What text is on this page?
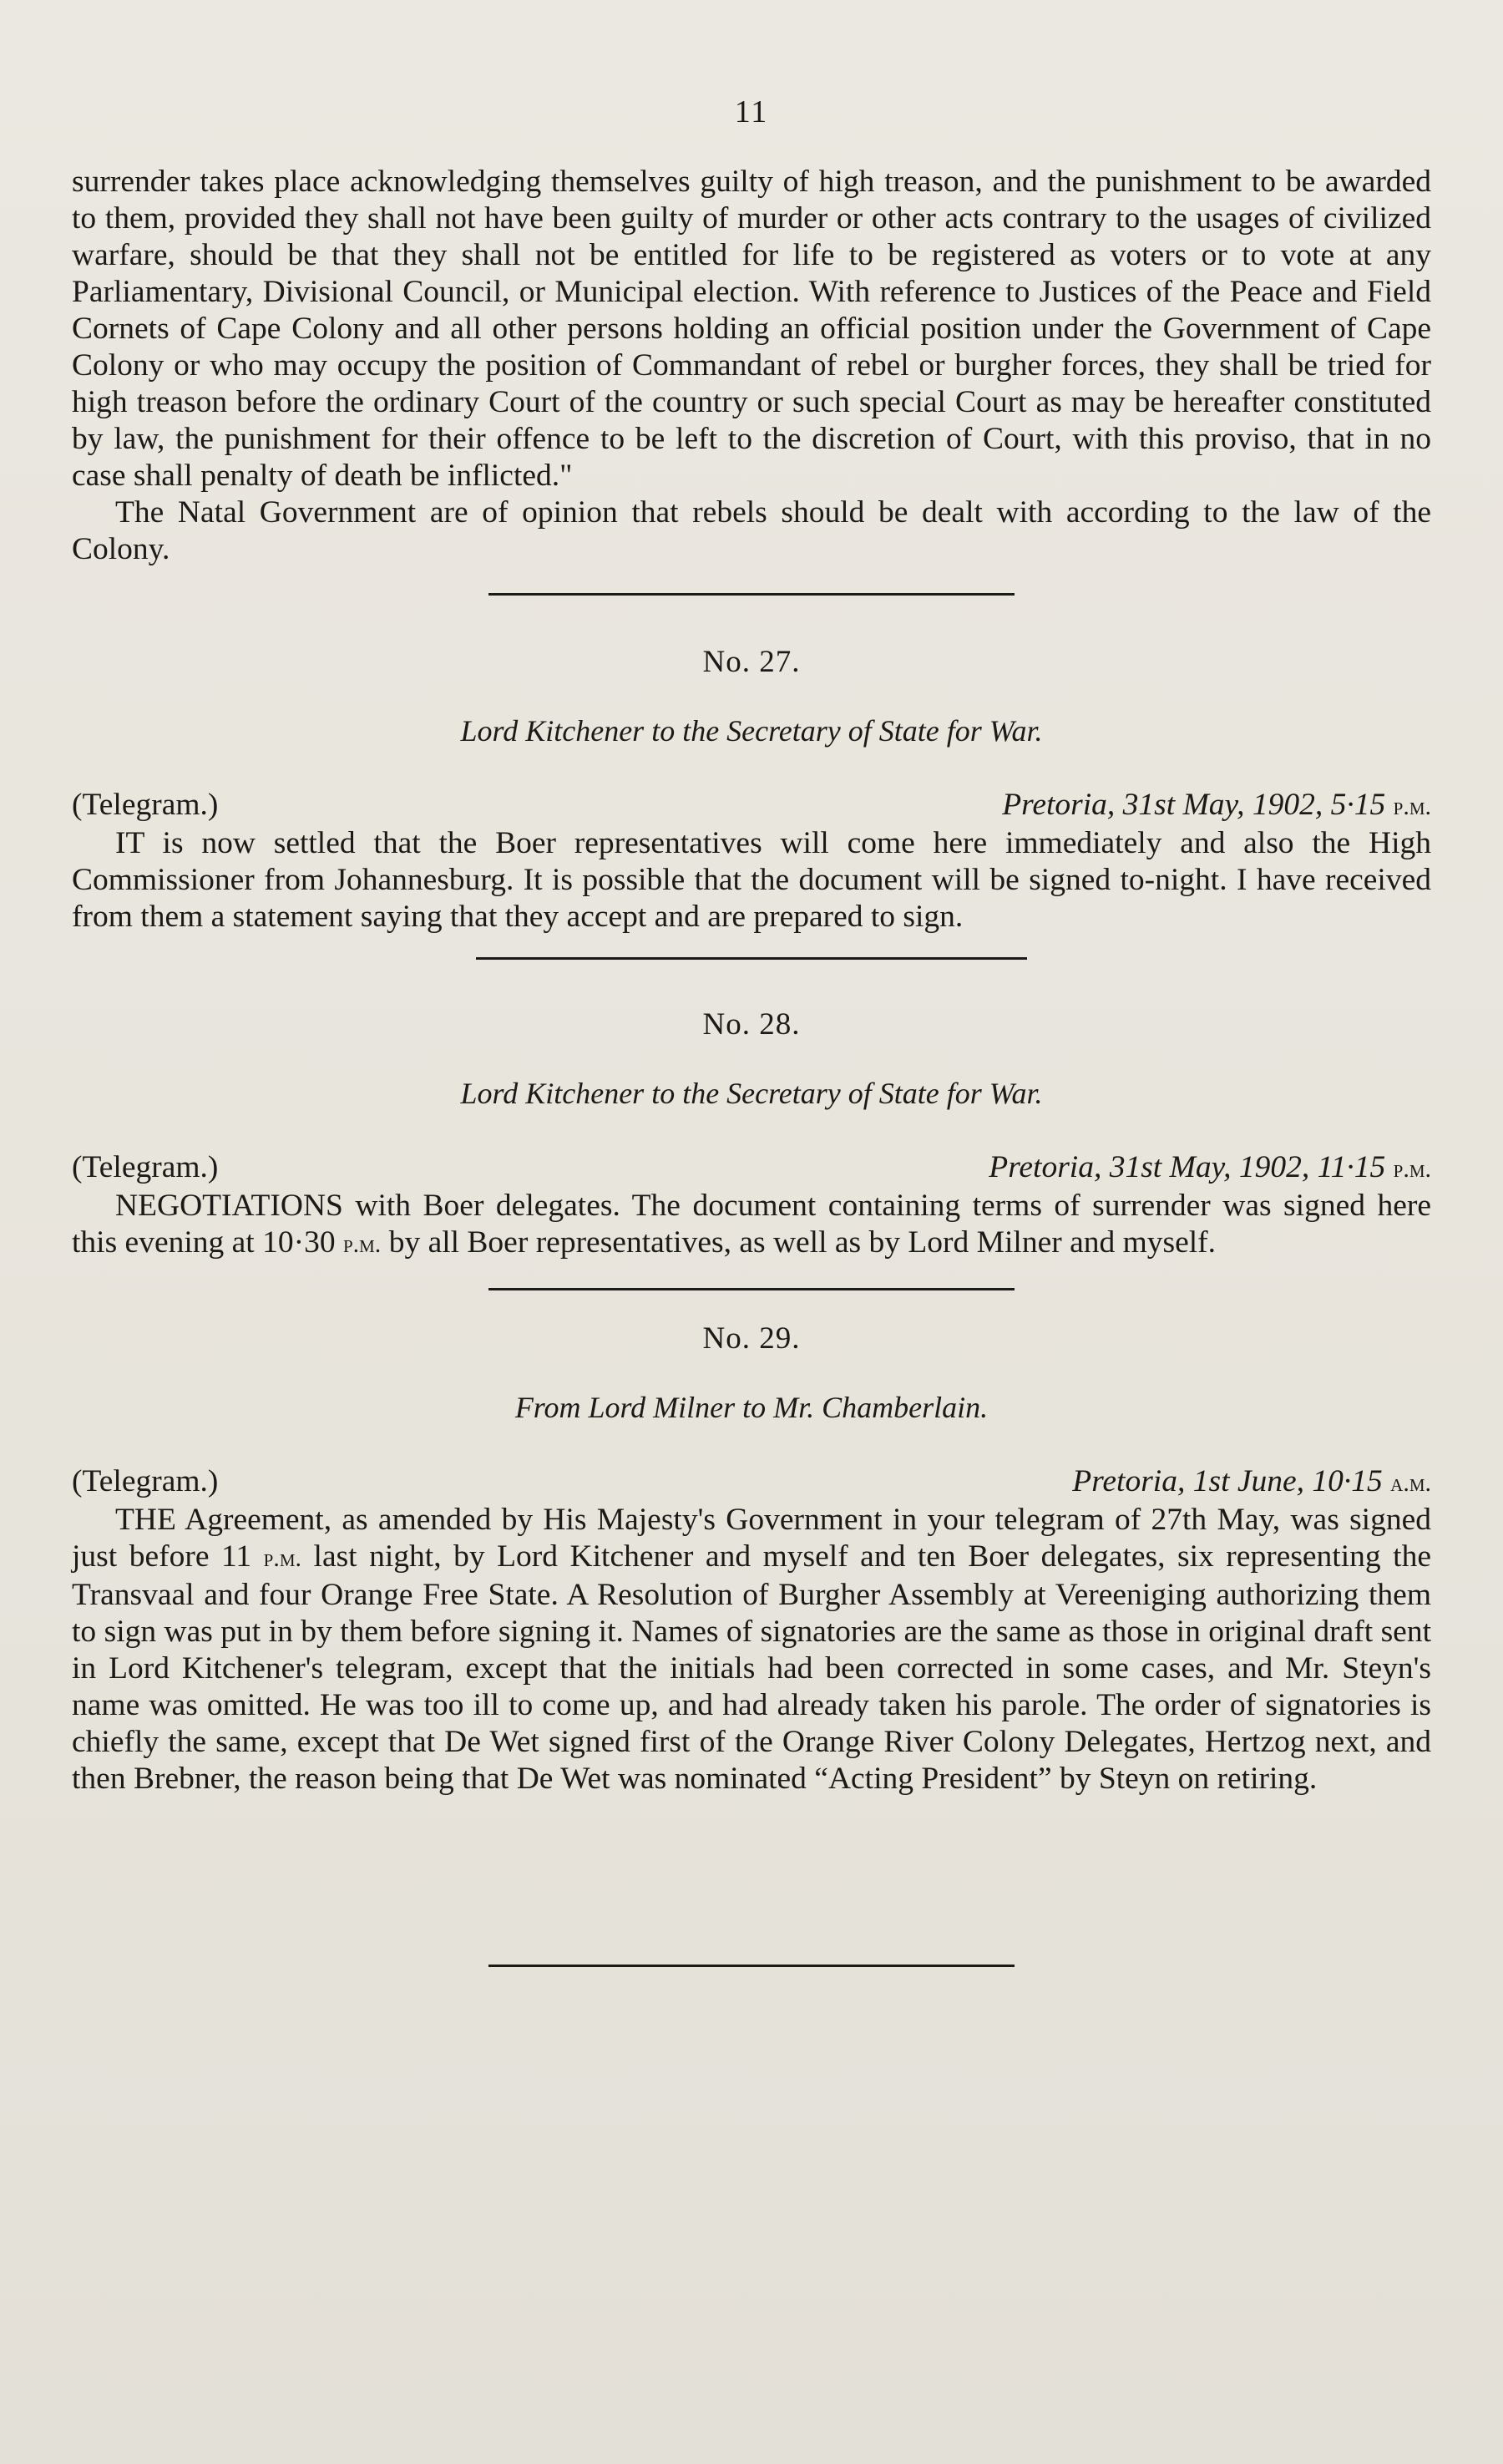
11

surrender takes place acknowledging themselves guilty of high treason, and the punishment to be awarded to them, provided they shall not have been guilty of murder or other acts contrary to the usages of civilized warfare, should be that they shall not be entitled for life to be registered as voters or to vote at any Parliamentary, Divisional Council, or Municipal election. With reference to Justices of the Peace and Field Cornets of Cape Colony and all other persons holding an official position under the Government of Cape Colony or who may occupy the position of Commandant of rebel or burgher forces, they shall be tried for high treason before the ordinary Court of the country or such special Court as may be hereafter constituted by law, the punishment for their offence to be left to the discretion of Court, with this proviso, that in no case shall penalty of death be inflicted."

The Natal Government are of opinion that rebels should be dealt with according to the law of the Colony.

No. 27.

Lord Kitchener to the Secretary of State for War.

(Telegram.)	Pretoria, 31st May, 1902, 5·15 p.m.

IT is now settled that the Boer representatives will come here immediately and also the High Commissioner from Johannesburg. It is possible that the document will be signed to-night. I have received from them a statement saying that they accept and are prepared to sign.

No. 28.

Lord Kitchener to the Secretary of State for War.

(Telegram.)	Pretoria, 31st May, 1902, 11·15 p.m.

NEGOTIATIONS with Boer delegates. The document containing terms of surrender was signed here this evening at 10·30 p.m. by all Boer representatives, as well as by Lord Milner and myself.

No. 29.

From Lord Milner to Mr. Chamberlain.

(Telegram.)	Pretoria, 1st June, 10·15 a.m.

THE Agreement, as amended by His Majesty's Government in your telegram of 27th May, was signed just before 11 p.m. last night, by Lord Kitchener and myself and ten Boer delegates, six representing the Transvaal and four Orange Free State. A Resolution of Burgher Assembly at Vereeniging authorizing them to sign was put in by them before signing it. Names of signatories are the same as those in original draft sent in Lord Kitchener's telegram, except that the initials had been corrected in some cases, and Mr. Steyn's name was omitted. He was too ill to come up, and had already taken his parole. The order of signatories is chiefly the same, except that De Wet signed first of the Orange River Colony Delegates, Hertzog next, and then Brebner, the reason being that De Wet was nominated “Acting President” by Steyn on retiring.
